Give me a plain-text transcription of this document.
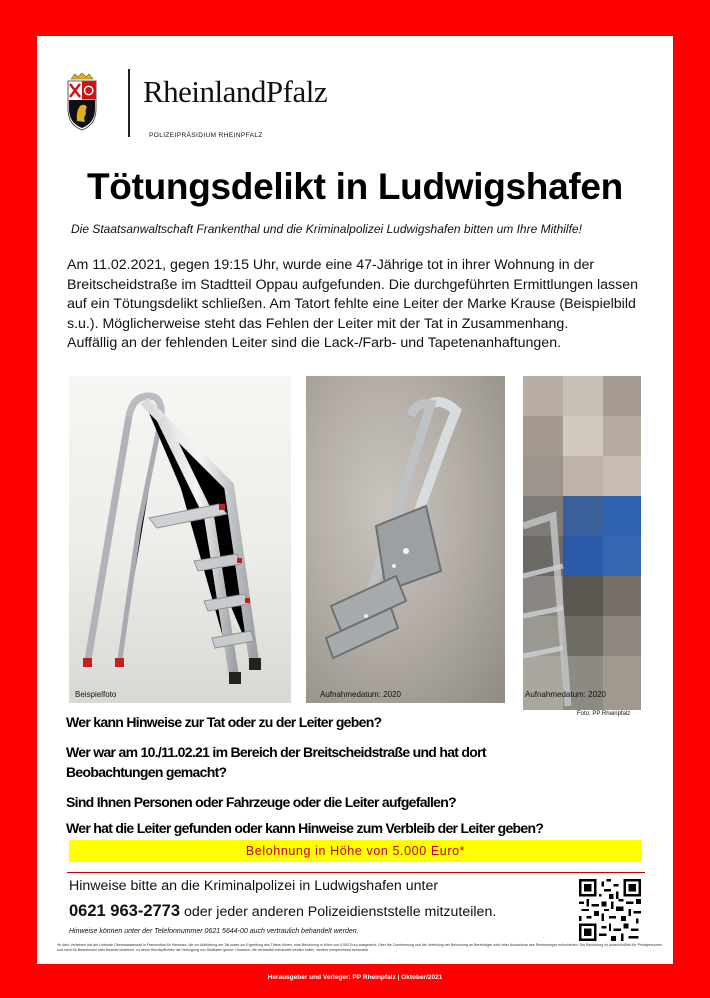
RheinlandPfalz
POLIZEIPRÄSIDIUM RHEINPFALZ
Tötungsdelikt in Ludwigshafen
Die Staatsanwaltschaft Frankenthal und die Kriminalpolizei Ludwigshafen bitten um Ihre Mithilfe!

Am 11.02.2021, gegen 19:15 Uhr, wurde eine 47-Jährige tot in ihrer Wohnung in der Breitscheidstraße im Stadtteil Oppau aufgefunden. Die durchgeführten Ermittlungen lassen auf ein Tötungsdelikt schließen. Am Tatort fehlte eine Leiter der Marke Krause (Beispielbild s.u.). Möglicherweise steht das Fehlen der Leiter mit der Tat in Zusammenhang.

Auffällig an der fehlenden Leiter sind die Lack-/Farb- und Tapetenanhaftungen.

Beispielfoto	Aufnahmedatum: 2020	Aufnahmedatum: 2020
Foto: PP Rheinpfalz
Wer kann Hinweise zur Tat oder zu der Leiter geben?
Wer war am 10./11.02.21 im Bereich der Breitscheidstraße und hat dort
Beobachtungen gemacht?
Sind Ihnen Personen oder Fahrzeuge oder die Leiter aufgefallen?
Wer hat die Leiter gefunden oder kann Hinweise zum Verbleib der Leiter geben?
Belohnung in Höhe von 5.000 Euro*
Hinweise bitte an die Kriminalpolizei in Ludwigshafen unter
0621 963-2773 oder jeder anderen Polizeidienststelle mitzuteilen.
Hinweise können unter der Telefonnummer 0621 5644-00 auch vertraulich behandelt werden.
*In dem Verfahren hat der Leitende Oberstaatsanwalt in Frankenthal für Hinweise, die zur Aufklärung der Tat sowie zur Ergreifung des Täters führen, eine Belohnung in Höhe von 5.000 Euro ausgesetzt. Über die Zuerkennung und die Verteilung der Belohnung an Berechtigte wird unter Ausschluss des Rechtsweges entschieden. Die Belohnung ist ausschließlich für Privatpersonen und nicht für Beamtinnen oder Beamte bestimmt, zu deren Berufspflichten die Verfolgung von Straftaten gehört. Hinweise, die vertraulich behandelt werden sollen, werden entsprechend behandelt.
Herausgeber und Verleger: PP Rheinpfalz | Oktober/2021
